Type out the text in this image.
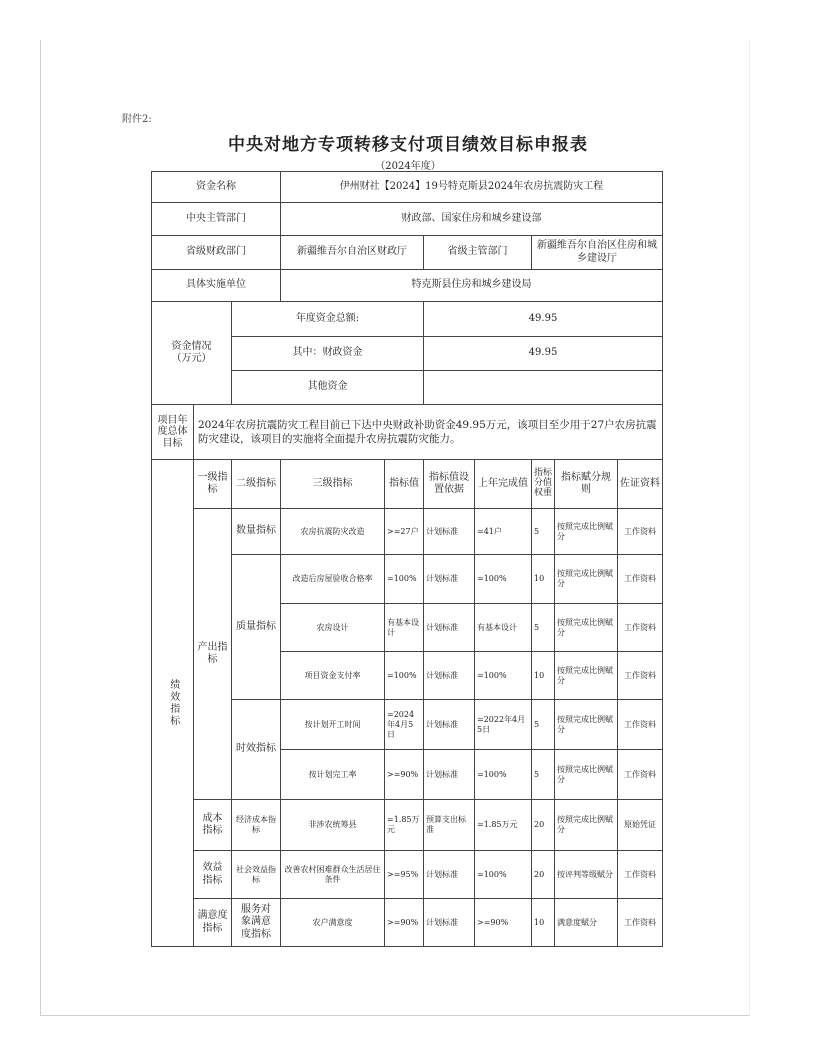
附件2:
中央对地方专项转移支付项目绩效目标申报表
（2024年度）
资金名称			伊州财社【2024】19号特克斯县2024年农房抗震防灾工程						
中央主管部门			财政部、国家住房和城乡建设部						
省级财政部门			新疆维吾尔自治区财政厅		省级主管部门		新疆维吾尔自治区住房和城乡建设厅		
具体实施单位			特克斯县住房和城乡建设局						
资金情况
（万元）		年度资金总额:			49.95				
		其中：财政资金			49.95				
		其他资金							

项目年度总体目标	2024年农房抗震防灾工程目前已下达中央财政补助资金49.95万元，该项目至少用于27户农房抗震防灾建设，该项目的实施将全面提升农房抗震防灾能力。								

绩效指标	一级指标	二级指标	三级指标	指标值	指标值设置依据	上年完成值	指标分值权重	指标赋分规则	佐证资料
	产出指标	数量指标	农房抗震防灾改造	>=27户	计划标准	=41户	5	按照完成比例赋分	工作资料
		质量指标	改造后房屋验收合格率	=100%	计划标准	=100%	10	按照完成比例赋分	工作资料
			农房设计	有基本设计	计划标准	有基本设计	5	按照完成比例赋分	工作资料
			项目资金支付率	=100%	计划标准	=100%	10	按照完成比例赋分	工作资料
		时效指标	按计划开工时间	=2024年4月5日	计划标准	=2022年4月5日	5	按照完成比例赋分	工作资料
			按计划完工率	>=90%	计划标准	=100%	5	按照完成比例赋分	工作资料

	成本指标	经济成本指标	非涉农统筹县	=1.85万元	预算支出标准	=1.85万元	20	按照完成比例赋分	原始凭证

	效益指标	社会效益指标	改善农村困难群众生活居住条件	>=95%	计划标准	=100%	20	按评判等级赋分	工作资料

	满意度指标	服务对象满意度指标	农户满意度	>=90%	计划标准	>=90%	10	满意度赋分	工作资料
